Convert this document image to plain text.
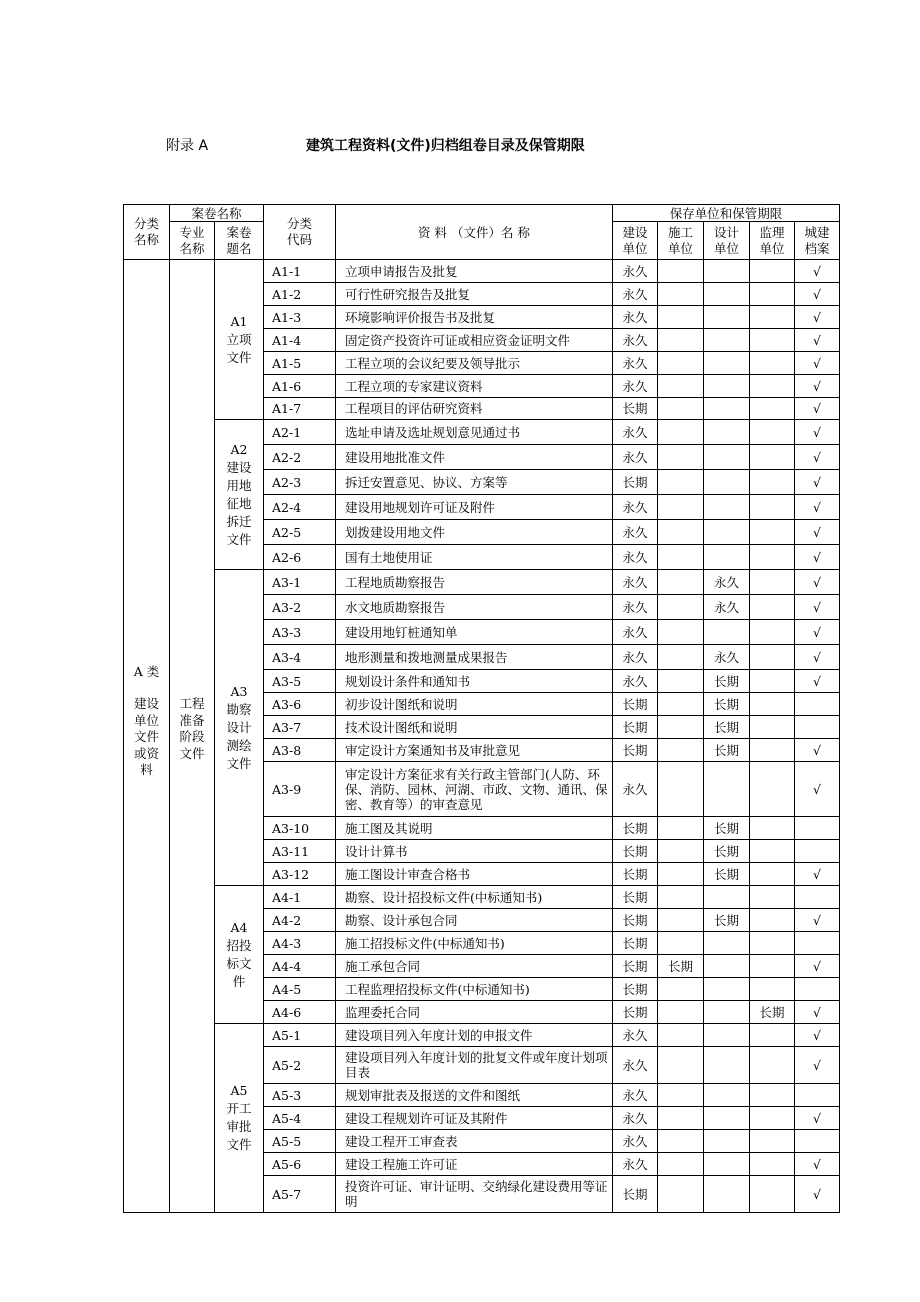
附录 A	建筑工程资料(文件)归档组卷目录及保管期限
分类名称	案卷名称		分类代码	资 料 （文件）名 称	保存单位和保管期限				

	专业名称	案卷题名			建设单位	施工单位	设计单位	监理单位	城建档案

A 类
建设单位文件或资料	工程准备阶段文件	A1立项文件	A1-1	立项申请报告及批复	永久				√
			A1-2	可行性研究报告及批复	永久				√
			A1-3	环境影响评价报告书及批复	永久				√
			A1-4	固定资产投资许可证或相应资金证明文件	永久				√
			A1-5	工程立项的会议纪要及领导批示	永久				√
			A1-6	工程立项的专家建议资料	永久				√
			A1-7	工程项目的评估研究资料	长期				√

		A2建设用地征地拆迁文件	A2-1	选址申请及选址规划意见通过书	永久				√
			A2-2	建设用地批准文件	永久				√
			A2-3	拆迁安置意见、协议、方案等	长期				√
			A2-4	建设用地规划许可证及附件	永久				√
			A2-5	划拨建设用地文件	永久				√
			A2-6	国有土地使用证	永久				√

		A3勘察设计测绘文件	A3-1	工程地质勘察报告	永久		永久		√
			A3-2	水文地质勘察报告	永久		永久		√
			A3-3	建设用地钉桩通知单	永久				√
			A3-4	地形测量和拨地测量成果报告	永久		永久		√
			A3-5	规划设计条件和通知书	永久		长期		√
			A3-6	初步设计图纸和说明	长期		长期		
			A3-7	技术设计图纸和说明	长期		长期		
			A3-8	审定设计方案通知书及审批意见	长期		长期		√
			A3-9	审定设计方案征求有关行政主管部门(人防、环保、消防、园林、河湖、市政、文物、通讯、保密、教育等）的审查意见	永久				√
			A3-10	施工图及其说明	长期		长期		
			A3-11	设计计算书	长期		长期		
			A3-12	施工图设计审查合格书	长期		长期		√

		A4招投标文件	A4-1	勘察、设计招投标文件(中标通知书)	长期				
			A4-2	勘察、设计承包合同	长期		长期		√
			A4-3	施工招投标文件(中标通知书)	长期				
			A4-4	施工承包合同	长期	长期			√
			A4-5	工程监理招投标文件(中标通知书)	长期				
			A4-6	监理委托合同	长期			长期	√

		A5开工审批文件	A5-1	建设项目列入年度计划的申报文件	永久				√
			A5-2	建设项目列入年度计划的批复文件或年度计划项目表	永久				√
			A5-3	规划审批表及报送的文件和图纸	永久				
			A5-4	建设工程规划许可证及其附件	永久				√
			A5-5	建设工程开工审查表	永久				
			A5-6	建设工程施工许可证	永久				√
			A5-7	投资许可证、审计证明、交纳绿化建设费用等证明	长期				√
